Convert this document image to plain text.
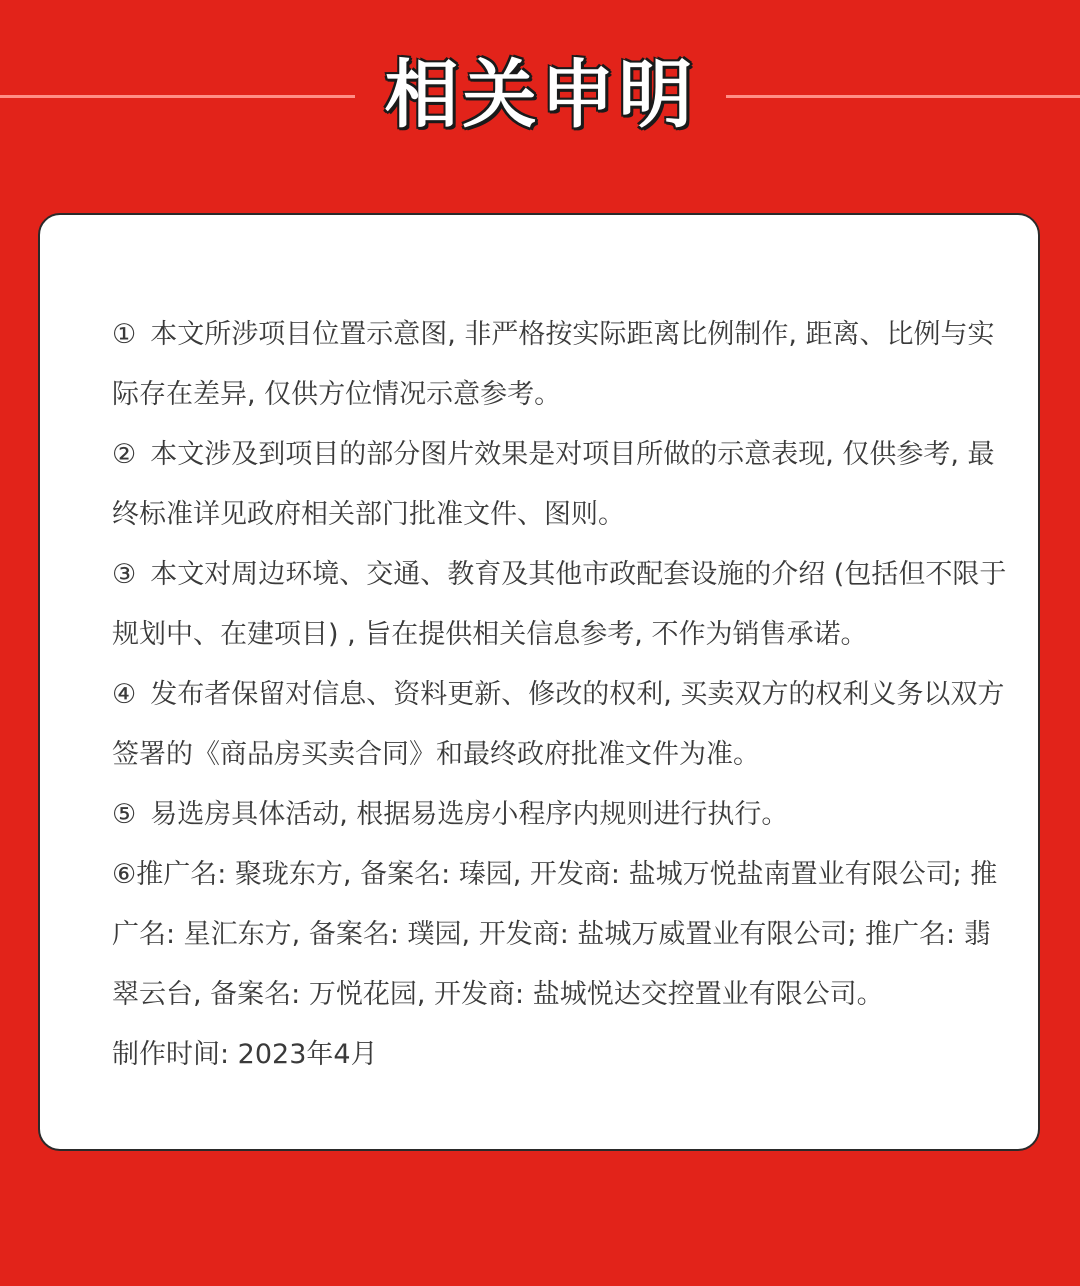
相关申明

① 本文所涉项目位置示意图, 非严格按实际距离比例制作, 距离、比例与实际存在差异, 仅供方位情况示意参考。

② 本文涉及到项目的部分图片效果是对项目所做的示意表现, 仅供参考, 最终标准详见政府相关部门批准文件、图则。

③ 本文对周边环境、交通、教育及其他市政配套设施的介绍 (包括但不限于规划中、在建项目) , 旨在提供相关信息参考, 不作为销售承诺。

④ 发布者保留对信息、资料更新、修改的权利, 买卖双方的权利义务以双方签署的《商品房买卖合同》和最终政府批准文件为准。

⑤ 易选房具体活动, 根据易选房小程序内规则进行执行。

⑥推广名: 聚珑东方, 备案名: 瑧园, 开发商: 盐城万悦盐南置业有限公司; 推广名: 星汇东方, 备案名: 璞园, 开发商: 盐城万威置业有限公司; 推广名: 翡翠云台, 备案名: 万悦花园, 开发商: 盐城悦达交控置业有限公司。

制作时间: 2023年4月
